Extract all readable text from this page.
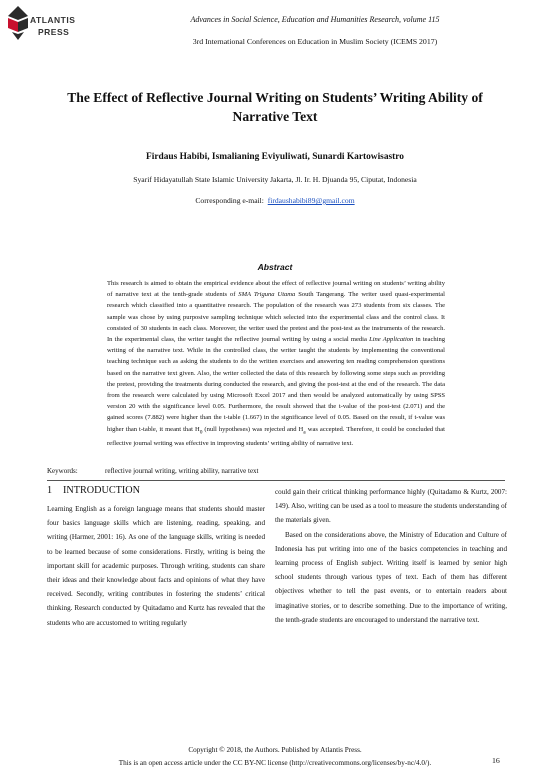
ATLANTIS
PRESS
Advances in Social Science, Education and Humanities Research, volume 115
3rd International Conferences on Education in Muslim Society (ICEMS 2017)
The Effect of Reflective Journal Writing on Students’ Writing Ability of
Narrative Text
Firdaus Habibi, Ismalianing Eviyuliwati, Sunardi Kartowisastro
Syarif Hidayatullah State Islamic University Jakarta, Jl. Ir. H. Djuanda 95, Ciputat, Indonesia
Corresponding e-mail: firdaushabibi89@gmail.com
Abstract
This research is aimed to obtain the empirical evidence about the effect of reflective journal writing on students’ writing ability of narrative text at the tenth-grade students of SMA Triguna Utama South Tangerang. The writer used quasi-experimental research which classified into a quantitative research. The population of the research was 273 students from six classes. The sample was chose by using purposive sampling technique which selected into the experimental class and the control class. It consisted of 30 students in each class. Moreover, the writer used the pretest and the post-test as the instruments of the research. In the experimental class, the writer taught the reflective journal writing by using a social media Line Application in teaching writing of the narrative text. While in the controlled class, the writer taught the students by implementing the conventional teaching technique such as asking the students to do the written exercises and answering ten reading comprehension questions based on the narrative text given. Also, the writer collected the data of this research by following some steps such as providing the pretest, providing the treatments during conducted the research, and giving the post-test at the end of the research. The data from the research were calculated by using Microsoft Excel 2017 and then would be analyzed automatically by using SPSS version 20 with the significance level 0.05. Furthermore, the result showed that the t-value of the post-test (2.071) and the gained scores (7.882) were higher than the t-table (1.667) in the significance level of 0.05. Based on the result, if t-value was higher than t-table, it meant that $H_0$ (null hypotheses) was rejected and $H_a$ was accepted. Therefore, it could be concluded that reflective journal writing was effective in improving students’ writing ability of narrative text.
Keywords:	reflective journal writing, writing ability, narrative text
1 INTRODUCTION

Learning English as a foreign language means that students should master four basics language skills which are listening, reading, speaking, and writing (Harmer, 2001: 16). As one of the language skills, writing is needed to be learned because of some considerations. Firstly, writing is being the important skill for academic purposes. Through writing, students can share their ideas and their knowledge about facts and opinions of what they have received. Secondly, writing contributes in fostering the students’ critical thinking. Research conducted by Quitadamo and Kurtz has revealed that the students who are accustomed to writing regularly

could gain their critical thinking performance highly (Quitadamo & Kurtz, 2007: 149). Also, writing can be used as a tool to measure the students understanding of the materials given.

Based on the considerations above, the Ministry of Education and Culture of Indonesia has put writing into one of the basics competencies in teaching and learning process of English subject. Writing itself is learned by senior high school students through various types of text. Each of them has different objectives whether to tell the past events, or to entertain readers about imaginative stories, or to describe something. Due to the importance of writing, the tenth-grade students are encouraged to understand the narrative text.

Copyright © 2018, the Authors. Published by Atlantis Press.
This is an open access article under the CC BY-NC license (http://creativecommons.org/licenses/by-nc/4.0/).	16
